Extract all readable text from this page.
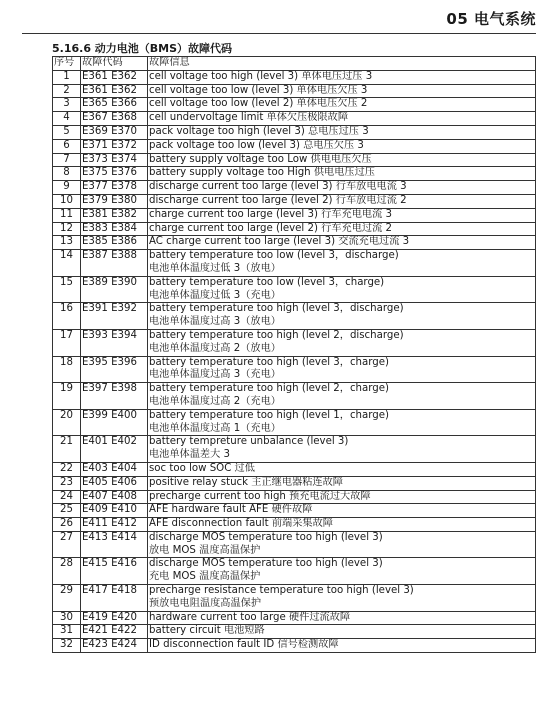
05 电气系统
5.16.6 动力电池（BMS）故障代码
序号	故障代码	故障信息
1	E361 E362	cell voltage too high (level 3) 单体电压过压 3

2	E361 E362	cell voltage too low (level 3) 单体电压欠压 3

3	E365 E366	cell voltage too low (level 2) 单体电压欠压 2

4	E367 E368	cell undervoltage limit 单体欠压极限故障

5	E369 E370	pack voltage too high (level 3) 总电压过压 3

6	E371 E372	pack voltage too low (level 3) 总电压欠压 3

7	E373 E374	battery supply voltage too Low 供电电压欠压

8	E375 E376	battery supply voltage too High 供电电压过压

9	E377 E378	discharge current too large (level 3) 行车放电电流 3

10	E379 E380	discharge current too large (level 2) 行车放电过流 2

11	E381 E382	charge current too large (level 3) 行车充电电流 3

12	E383 E384	charge current too large (level 2) 行车充电过流 2

13	E385 E386	AC charge current too large (level 3) 交流充电过流 3

14	E387 E388	battery temperature too low (level 3，discharge)
电池单体温度过低 3（放电）

15	E389 E390	battery temperature too low (level 3，charge)
电池单体温度过低 3（充电）

16	E391 E392	battery temperature too high (level 3，discharge)
电池单体温度过高 3（放电）

17	E393 E394	battery temperature too high (level 2，discharge)
电池单体温度过高 2（放电）

18	E395 E396	battery temperature too high (level 3，charge)
电池单体温度过高 3（充电）

19	E397 E398	battery temperature too high (level 2，charge)
电池单体温度过高 2（充电）

20	E399 E400	battery temperature too high (level 1，charge)
电池单体温度过高 1（充电）

21	E401 E402	battery tempreture unbalance (level 3)
电池单体温差大 3

22	E403 E404	soc too low SOC 过低

23	E405 E406	positive relay stuck 主正继电器粘连故障

24	E407 E408	precharge current too high 预充电流过大故障

25	E409 E410	AFE hardware fault AFE 硬件故障

26	E411 E412	AFE disconnection fault 前端采集故障

27	E413 E414	discharge MOS temperature too high (level 3)
放电 MOS 温度高温保护

28	E415 E416	discharge MOS temperature too high (level 3)
充电 MOS 温度高温保护

29	E417 E418	precharge resistance temperature too high (level 3)
预放电电阻温度高温保护

30	E419 E420	hardware current too large 硬件过流故障

31	E421 E422	battery circuit 电池短路

32	E423 E424	ID disconnection fault ID 信号检测故障
